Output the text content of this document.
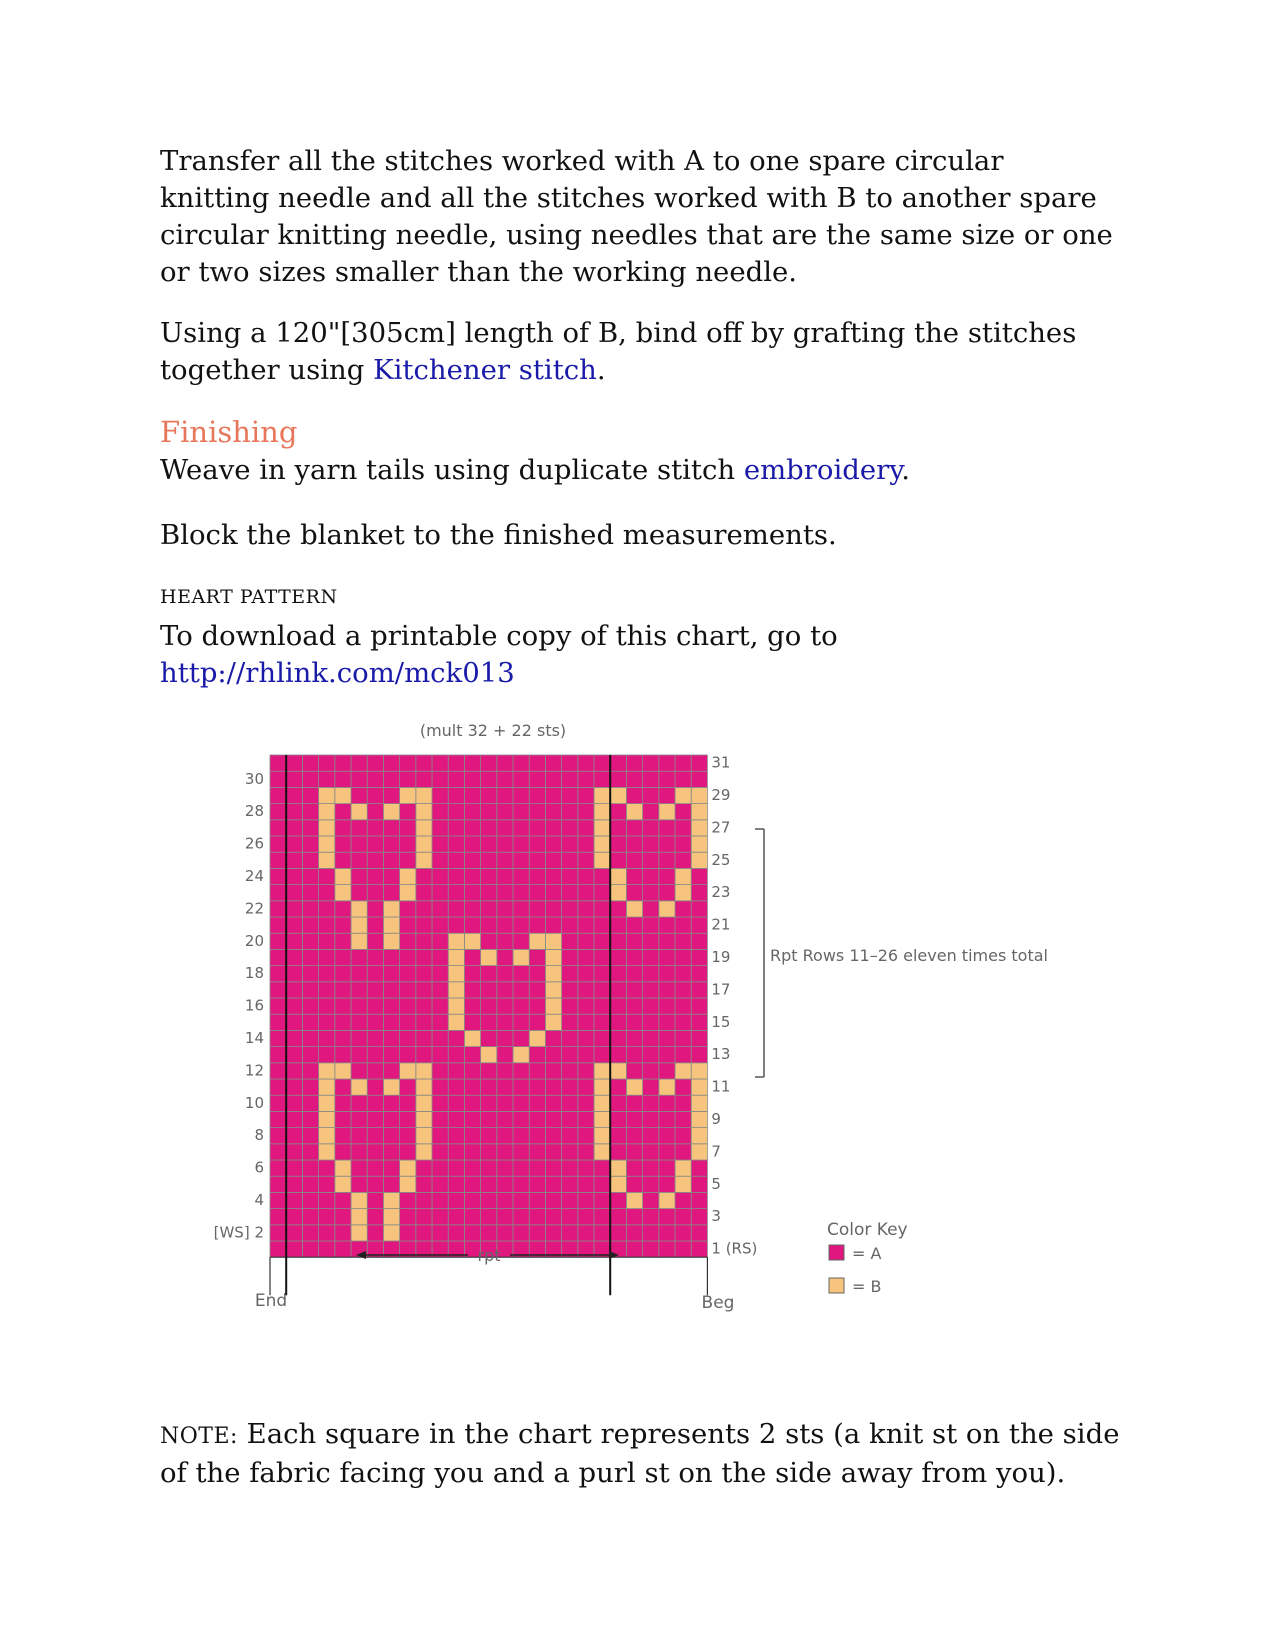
Transfer all the stitches worked with A to one spare circular knitting needle and all the stitches worked with B to another spare circular knitting needle, using needles that are the same size or one or two sizes smaller than the working needle.

Using a 120"[305cm] length of B, bind off by grafting the stitches together using Kitchener stitch.

Finishing

Weave in yarn tails using duplicate stitch embroidery.

Block the blanket to the finished measurements.

HEART PATTERN

To download a printable copy of this chart, go to
http://rhlink.com/mck013

(mult 32 + 22 sts)
30
28
26
24
22
20
18
16
14
12
10
8
6
4
[WS] 2
31
29
27
25
23
21
19
17
15
13
11
9
7
5
3
1 (RS)
Rpt Rows 11–26 eleven times total
rpt
End	Beg
Color Key
= A
= B

NOTE: Each square in the chart represents 2 sts (a knit st on the side of the fabric facing you and a purl st on the side away from you).
